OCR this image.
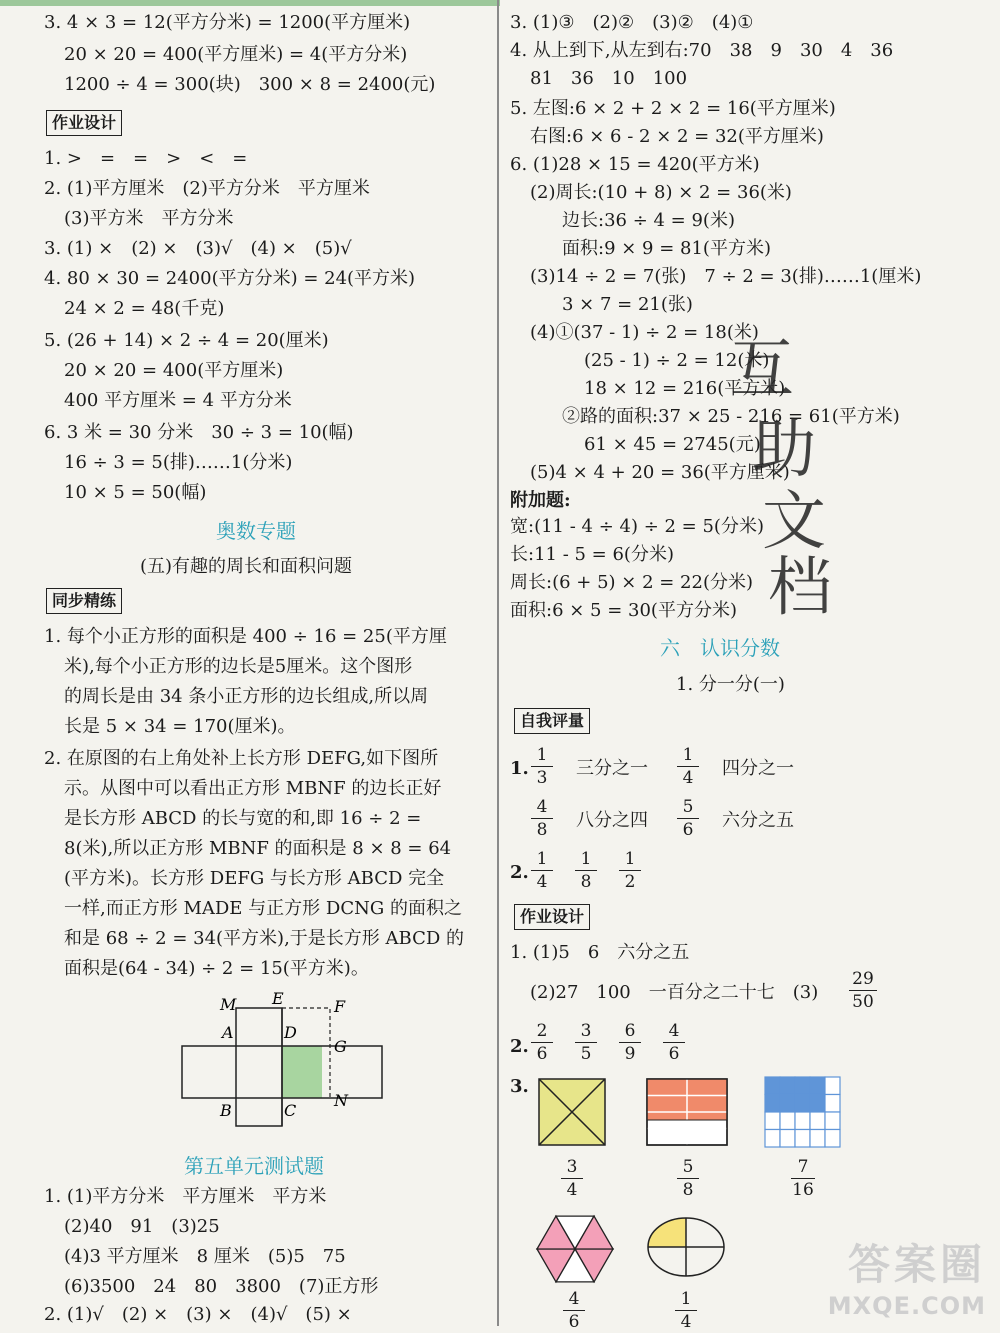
3. 4 × 3 = 12(平方分米) = 1200(平方厘米)
20 × 20 = 400(平方厘米) = 4(平方分米)
1200 ÷ 4 = 300(块)　300 × 8 = 2400(元)
作业设计
1. >　=　=　>　<　=
2. (1)平方厘米　(2)平方分米　平方厘米
(3)平方米　平方分米
3. (1) ×　(2) ×　(3)√　(4) ×　(5)√
4. 80 × 30 = 2400(平方分米) = 24(平方米)
24 × 2 = 48(千克)
5. (26 + 14) × 2 ÷ 4 = 20(厘米)
20 × 20 = 400(平方厘米)
400 平方厘米 = 4 平方分米
6. 3 米 = 30 分米　30 ÷ 3 = 10(幅)
16 ÷ 3 = 5(排)……1(分米)
10 × 5 = 50(幅)
奥数专题
(五)有趣的周长和面积问题
同步精练
1. 每个小正方形的面积是 400 ÷ 16 = 25(平方厘
米),每个小正方形的边长是5厘米。这个图形
的周长是由 34 条小正方形的边长组成,所以周
长是 5 × 34 = 170(厘米)。
2. 在原图的右上角处补上长方形 DEFG,如下图所
示。从图中可以看出正方形 MBNF 的边长正好
是长方形 ABCD 的长与宽的和,即 16 ÷ 2 =
8(米),所以正方形 MBNF 的面积是 8 × 8 = 64
(平方米)。长方形 DEFG 与长方形 ABCD 完全
一样,而正方形 MADE 与正方形 DCNG 的面积之
和是 68 ÷ 2 = 34(平方米),于是长方形 ABCD 的
面积是(64 - 34) ÷ 2 = 15(平方米)。
M E	F
A	D
G
B	C
N
第五单元测试题
1. (1)平方分米　平方厘米　平方米
(2)40　91　(3)25
(4)3 平方厘米　8 厘米　(5)5　75
(6)3500　24　80　3800　(7)正方形
2. (1)√　(2) ×　(3) ×　(4)√　(5) ×
3. (1)③　(2)②　(3)②　(4)①
4. 从上到下,从左到右:70　38　9　30　4　36
81　36　10　100
5. 左图:6 × 2 + 2 × 2 = 16(平方厘米)
右图:6 × 6 - 2 × 2 = 32(平方厘米)
6. (1)28 × 15 = 420(平方米)
(2)周长:(10 + 8) × 2 = 36(米)
边长:36 ÷ 4 = 9(米)
面积:9 × 9 = 81(平方米)
(3)14 ÷ 2 = 7(张)　7 ÷ 2 = 3(排)……1(厘米)
3 × 7 = 21(张)
(4)①(37 - 1) ÷ 2 = 18(米)
(25 - 1) ÷ 2 = 12(米)
18 × 12 = 216(平方米)
②路的面积:37 × 25 - 216 = 61(平方米)
61 × 45 = 2745(元)
(5)4 × 4 + 20 = 36(平方厘米)
附加题:
宽:(11 - 4 ÷ 4) ÷ 2 = 5(分米)
长:11 - 5 = 6(分米)
周长:(6 + 5) × 2 = 22(分米)
面积:6 × 5 = 30(平方分米)
六　认识分数
1. 分一分(一)
自我评量
1. $\frac{1}{3}$ 三分之一 $\frac{1}{4}$ 四分之一
$\frac{4}{8}$ 八分之四 $\frac{5}{6}$ 六分之五
2. $\frac{1}{4} \frac{1}{8} \frac{1}{2}$
作业设计
1. (1)5　6　六分之五
(2)27　100　一百分之二十七　$(3) \frac{29}{50}$
2. $\frac{2}{6} \frac{3}{5} \frac{6}{9} \frac{4}{6}$
3.
$\frac{3}{4}$	$\frac{5}{8}$	$\frac{7}{16}$
$\frac{4}{6}$	$\frac{1}{4}$
互
助
文
档
答案圈
MXQE.COM
